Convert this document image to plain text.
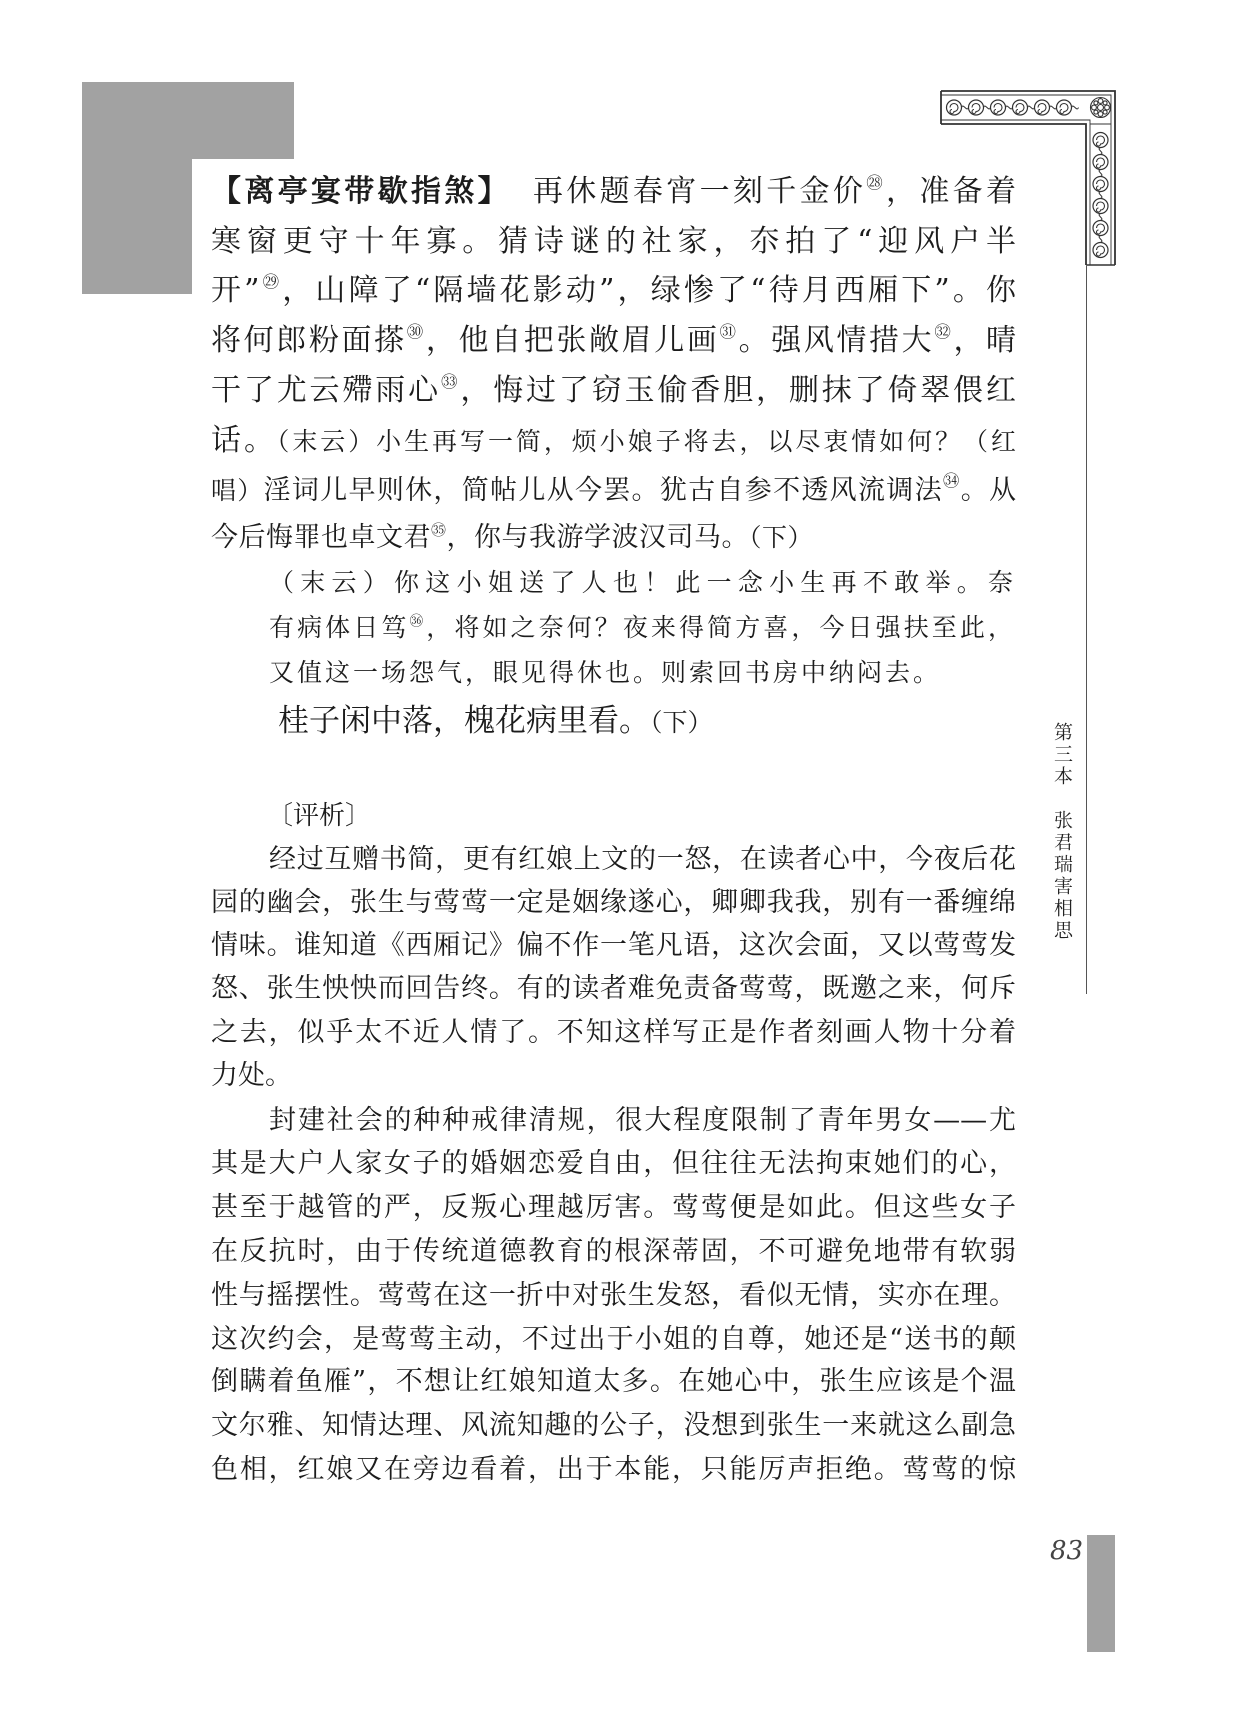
第三本张君瑞害相思
【离亭宴带歇指煞】 再休题春宵一刻千金价$^㉘$，准备着
寒窗更守十年寡。猜诗谜的社家，夵拍了“迎风户半
开”$^㉙$，山障了“隔墙花影动”，绿惨了“待月西厢下”。你
将何郎粉面搽$^㉚$，他自把张敞眉儿画$^㉛$。强风情措大$^㉜$，晴
干了尤云殢雨心$^㉝$，悔过了窃玉偷香胆，删抹了倚翠偎红
话。（末云）小生再写一简，烦小娘子将去，以尽衷情如何？（红
唱）淫词儿早则休，简帖儿从今罢。犹古自参不透风流调法$^㉞$。从
今后悔罪也卓文君$^㉟$，你与我游学波汉司马。（下）
（末云）你这小姐送了人也！此一念小生再不敢举。奈
有病体日笃$^㊱$，将如之奈何？夜来得简方喜，今日强扶至此，
又值这一场怨气，眼见得休也。则索回书房中纳闷去。
桂子闲中落，槐花病里看。（下）
〔评析〕
经过互赠书简，更有红娘上文的一怒，在读者心中，今夜后花
园的幽会，张生与莺莺一定是姻缘遂心，卿卿我我，别有一番缠绵
情味。谁知道《西厢记》偏不作一笔凡语，这次会面，又以莺莺发
怒、张生怏怏而回告终。有的读者难免责备莺莺，既邀之来，何斥
之去，似乎太不近人情了。不知这样写正是作者刻画人物十分着
力处。
封建社会的种种戒律清规，很大程度限制了青年男女——尤
其是大户人家女子的婚姻恋爱自由，但往往无法拘束她们的心，
甚至于越管的严，反叛心理越厉害。莺莺便是如此。但这些女子
在反抗时，由于传统道德教育的根深蒂固，不可避免地带有软弱
性与摇摆性。莺莺在这一折中对张生发怒，看似无情，实亦在理。
这次约会，是莺莺主动，不过出于小姐的自尊，她还是“送书的颠
倒瞒着鱼雁”，不想让红娘知道太多。在她心中，张生应该是个温
文尔雅、知情达理、风流知趣的公子，没想到张生一来就这么副急
色相，红娘又在旁边看着，出于本能，只能厉声拒绝。莺莺的惊
83
